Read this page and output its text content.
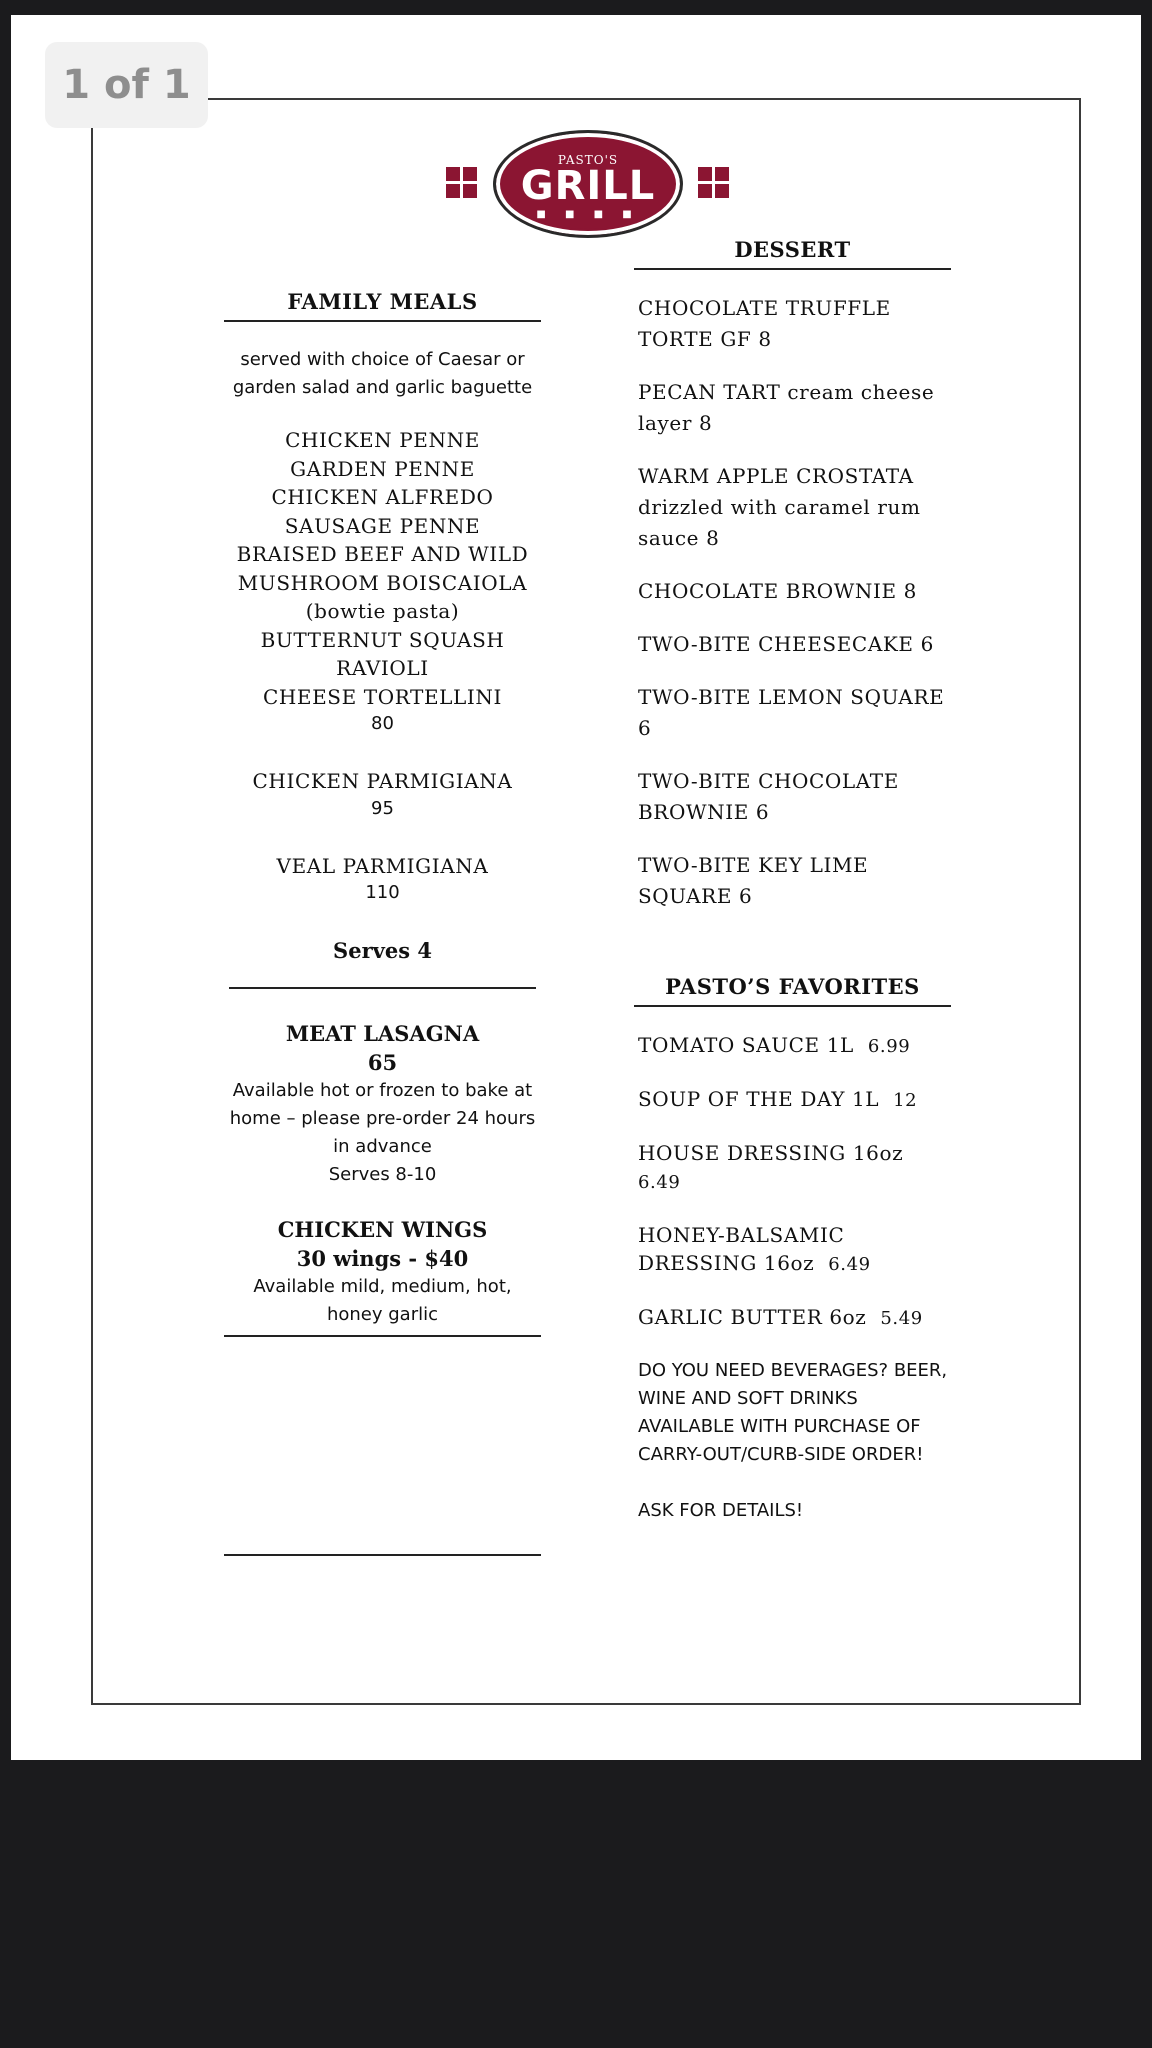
PASTO'S
GRILL
■ ■ ■ ■
FAMILY MEALS
served with choice of Caesar or garden salad and garlic baguette
CHICKEN PENNE
GARDEN PENNE
CHICKEN ALFREDO
SAUSAGE PENNE
BRAISED BEEF AND WILD MUSHROOM BOISCAIOLA (bowtie pasta)
BUTTERNUT SQUASH RAVIOLI
CHEESE TORTELLINI
80
CHICKEN PARMIGIANA
95
VEAL PARMIGIANA
110
Serves 4
MEAT LASAGNA
65
Available hot or frozen to bake at home – please pre-order 24 hours in advance
Serves 8-10
CHICKEN WINGS
30 wings - $40
Available mild, medium, hot, honey garlic
DESSERT
CHOCOLATE TRUFFLE TORTE GF 8
PECAN TART cream cheese layer 8
WARM APPLE CROSTATA drizzled with caramel rum sauce 8
CHOCOLATE BROWNIE 8
TWO-BITE CHEESECAKE 6
TWO-BITE LEMON SQUARE 6
TWO-BITE CHOCOLATE BROWNIE 6
TWO-BITE KEY LIME SQUARE 6
PASTO’S FAVORITES
TOMATO SAUCE 1L 6.99
SOUP OF THE DAY 1L 12
HOUSE DRESSING 16oz
6.49
HONEY-BALSAMIC DRESSING 16oz 6.49
GARLIC BUTTER 6oz 5.49
DO YOU NEED BEVERAGES? BEER, WINE AND SOFT DRINKS AVAILABLE WITH PURCHASE OF CARRY-OUT/CURB-SIDE ORDER!
ASK FOR DETAILS!
1 of 1
